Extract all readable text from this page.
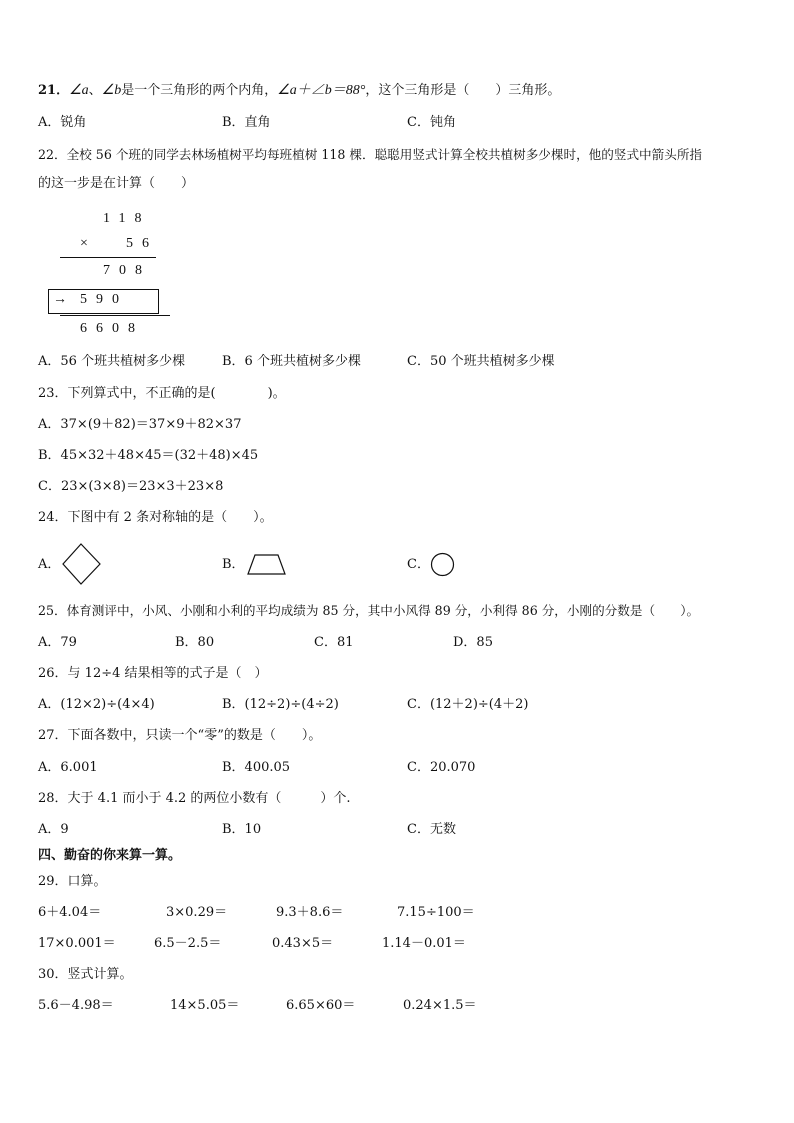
21．∠a、∠b是一个三角形的两个内角，∠a＋∠b＝88°，这个三角形是（　　）三角形。
A．锐角	B．直角	C．钝角
22．全校 56 个班的同学去林场植树平均每班植树 118 棵．聪聪用竖式计算全校共植树多少棵时，他的竖式中箭头所指
的这一步是在计算（　　）
118
× 56
708
→ 590
6608
A．56 个班共植树多少棵	B．6 个班共植树多少棵	C．50 个班共植树多少棵
23．下列算式中，不正确的是(　　　　)。
A．37×(9＋82)＝37×9＋82×37
B．45×32＋48×45＝(32＋48)×45
C．23×(3×8)＝23×3＋23×8
24．下图中有 2 条对称轴的是（　　）。
A．	B．	C．
25．体育测评中，小风、小刚和小利的平均成绩为 85 分，其中小风得 89 分，小利得 86 分，小刚的分数是（　　）。
A．79	B．80	C．81	D．85
26．与 12÷4 结果相等的式子是（　）
A．(12×2)÷(4×4)	B．(12÷2)÷(4÷2)	C．(12＋2)÷(4＋2)
27．下面各数中，只读一个“零”的数是（　　）。
A．6.001	B．400.05	C．20.070
28．大于 4.1 而小于 4.2 的两位小数有（　　　）个.
A．9	B．10	C．无数
四、勤奋的你来算一算。
29．口算。
6＋4.04＝	3×0.29＝	9.3＋8.6＝	7.15÷100＝
17×0.001＝	6.5－2.5＝	0.43×5＝	1.14－0.01＝
30．竖式计算。
5.6－4.98＝	14×5.05＝	6.65×60＝	0.24×1.5＝
